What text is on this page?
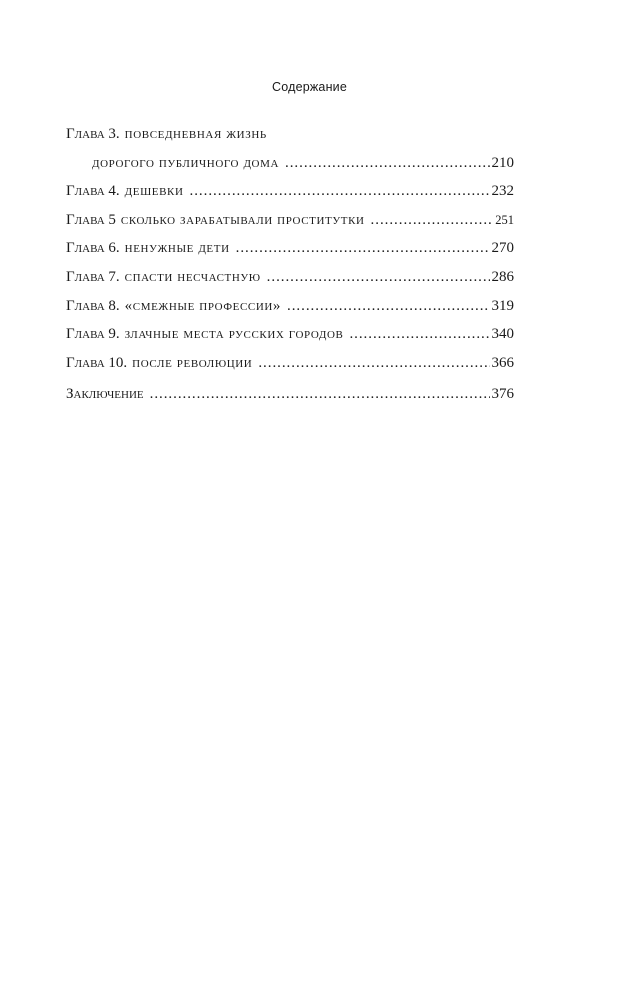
Содержание
Глава 3. повседневная жизнь
дорогого публичного дома . . .	210
Глава 4. дешевки . . .	232
Глава 5 сколько зарабатывали проститутки . . .	251
Глава 6. ненужные дети . . .	270
Глава 7. спасти несчастную . . .	286
Глава 8. «смежные профессии» . . .	319
Глава 9. злачные места русских городов . . .	340
Глава 10. после революции . . .	366
Заключение . . .	376
